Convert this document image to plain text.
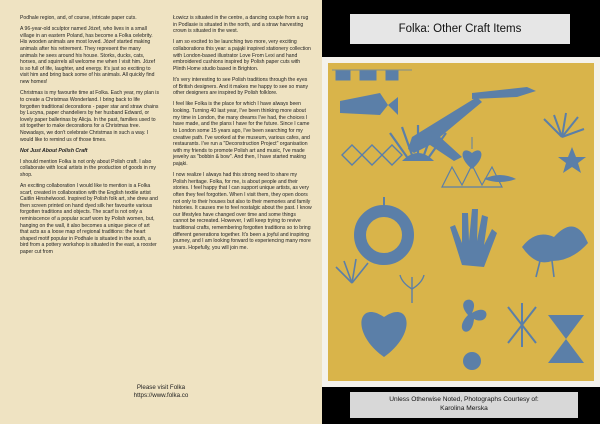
Podhale region, and, of course, intricate paper cuts.

A 96-year-old sculptor named Józef, who lives in a small village in an eastern Poland, has become a Folka celebrity. His wooden animals are most loved. Józef started making animals after his retirement. They represent the many animals he sees around his house. Storks, ducks, cats, horses, and squirrels all welcome me when I visit him. Józef is so full of life, laughter, and energy. It's just so exciting to visit him and bring back some of his animals. All quickly find new homes!

Christmas is my favourite time at Folka. Each year, my plan is to create a Christmas Wonderland. I bring back to life forgotten traditional decorations - paper star and straw chains by Lucyna, paper chandeliers by her husband Edward, or lovely paper ballerinas by Alicja. In the past, families used to sit together to make decorations for a Christmas tree. Nowadays, we don't celebrate Christmas in such a way. I would like to remind us of those times.

Not Just About Polish Craft

I should mention Folka is not only about Polish craft. I also collaborate with local artists in the production of goods in my shop.

An exciting collaboration I would like to mention is a Folka scarf, created in collaboration with the English textile artist Caitlin Hinshelwood. Inspired by Polish folk art, she drew and then screen printed on hand dyed silk her favourite various forgotten traditions and objects. The scarf is not only a reminiscence of a popular scarf worn by Polish women, but, hanging on the wall, it also becomes a unique piece of art that acts as a loose map of regional traditions: the heart shaped motif popular in Podhale is situated in the south, a bird from a pottery workshop is situated in the east, a rooster paper cut from

Łowicz is situated in the centre, a dancing couple from a rug in Podlasie is situated in the north, and a straw harvesting crown is situated in the west.

I am so excited to be launching two more, very exciting collaborations this year: a pająki inspired stationery collection with London-based illustrator Love From Lexi and hand embroidered cushions inspired by Polish paper cuts with Plinth Home studio based in Brighton.

It's very interesting to see Polish traditions through the eyes of British designers. And it makes me happy to see so many other designers are inspired by Polish folklore.

I feel like Folka is the place for which I have always been looking. Turning 40 last year, I've been thinking more about my time in London, the many dreams I've had, the choices I have made, and the plans I have for the future. Since I came to London some 15 years ago, I've been searching for my creative path. I've worked at the museum, various cafes, and restaurants. I've run a "Deconstruction Project" organisation with my friends to promote Polish art and music, I've made jewelry as "bobbin & bow". And then, I have started making pająki.

I now realize I always had this strong need to share my Polish heritage. Folka, for me, is about people and their stories. I feel happy that I can support unique artists, as very often they feel forgotten. When I visit them, they open doors not only to their houses but also to their memories and family histories. It causes me to feel nostalgic about the past. I know our lifestyles have changed over time and some things cannot be recreated. However, I will keep trying to revive traditional crafts, remembering forgotten traditions so to bring different generations together. It's been a joyful and inspiring journey, and I am looking forward to experiencing many more years. Hopefully, you will join me.

Please visit Folka
https://www.folka.co
Folka: Other Craft Items
Unless Otherwise Noted, Photographs Courtesy of:
Karolina Merska
